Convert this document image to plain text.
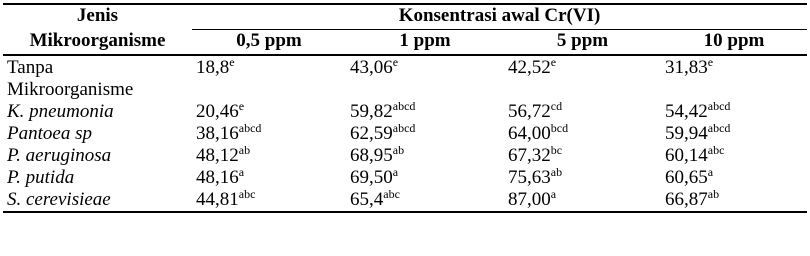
Jenis	Konsentrasi awal Cr(VI)			
Mikroorganisme	0,5 ppm	1 ppm	5 ppm	10 ppm
Tanpa	18,8e	43,06e	42,52e	31,83e
Mikroorganisme				
K. pneumonia	20,46e	$59,82^{abcd}$	56,72$^{cd}$	$54,42^{abcd}$
Pantoea sp	$38,16^{abcd}$	$62,59^{abcd}$	64,00$^{bcd}$	$59,94^{abcd}$
P. aeruginosa	48,12$^{ab}$	68,95$^{ab}$	67,32$^{bc}$	60,14$^{abc}$
P. putida	48,16$^a$	69,50$^a$	75,63$^{ab}$	60,65$^a$
S. cerevisieae	44,81$^{abc}$	65,4$^{abc}$	87,00$^a$	66,87$^{ab}$
